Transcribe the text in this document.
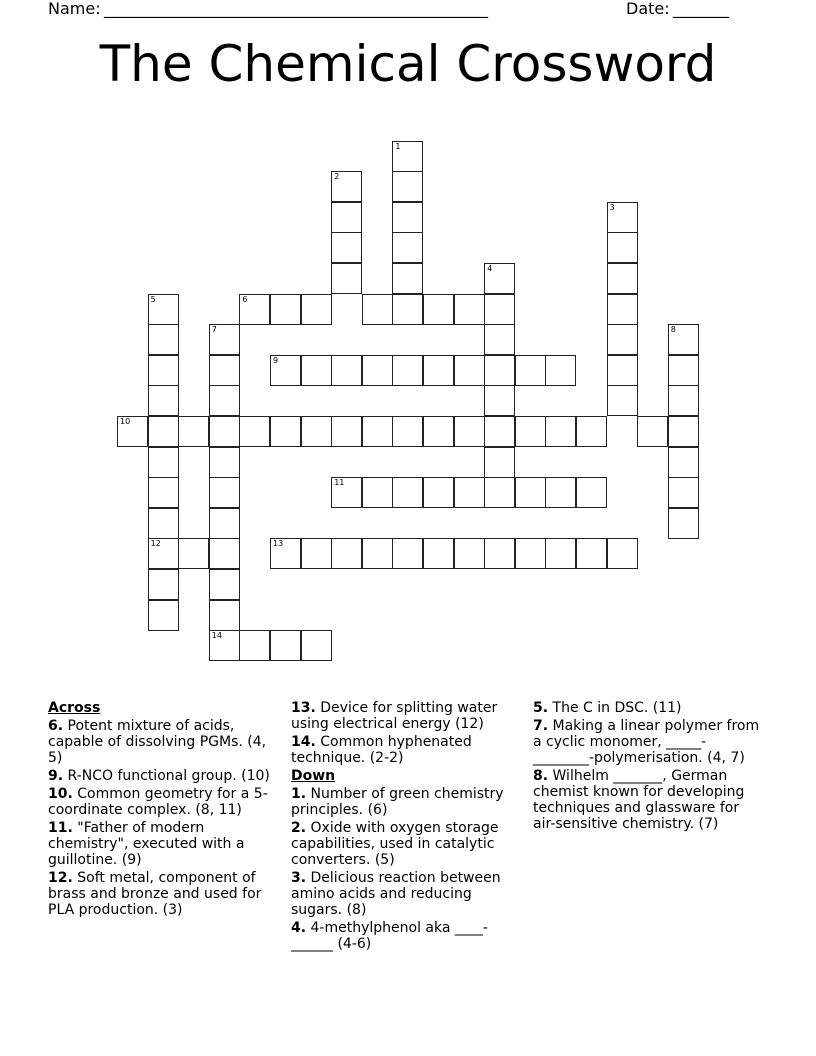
Name: ________________________________________________	Date: _______
The Chemical Crossword
1
2
3
4
5
12
6
7
14
8
9
10
11
13
Across
6. Potent mixture of acids, capable of dissolving PGMs. (4, 5)
9. R-NCO functional group. (10)
10. Common geometry for a 5-coordinate complex. (8, 11)
11. "Father of modern chemistry", executed with a guillotine. (9)
12. Soft metal, component of brass and bronze and used for PLA production. (3)
13. Device for splitting water using electrical energy (12)
14. Common hyphenated technique. (2-2)
Down
1. Number of green chemistry principles. (6)
2. Oxide with oxygen storage capabilities, used in catalytic converters. (5)
3. Delicious reaction between amino acids and reducing sugars. (8)
4. 4-methylphenol aka ____-______ (4-6)
5. The C in DSC. (11)
7. Making a linear polymer from a cyclic monomer, _____-________-polymerisation. (4, 7)
8. Wilhelm _______, German chemist known for developing techniques and glassware for air-sensitive chemistry. (7)
